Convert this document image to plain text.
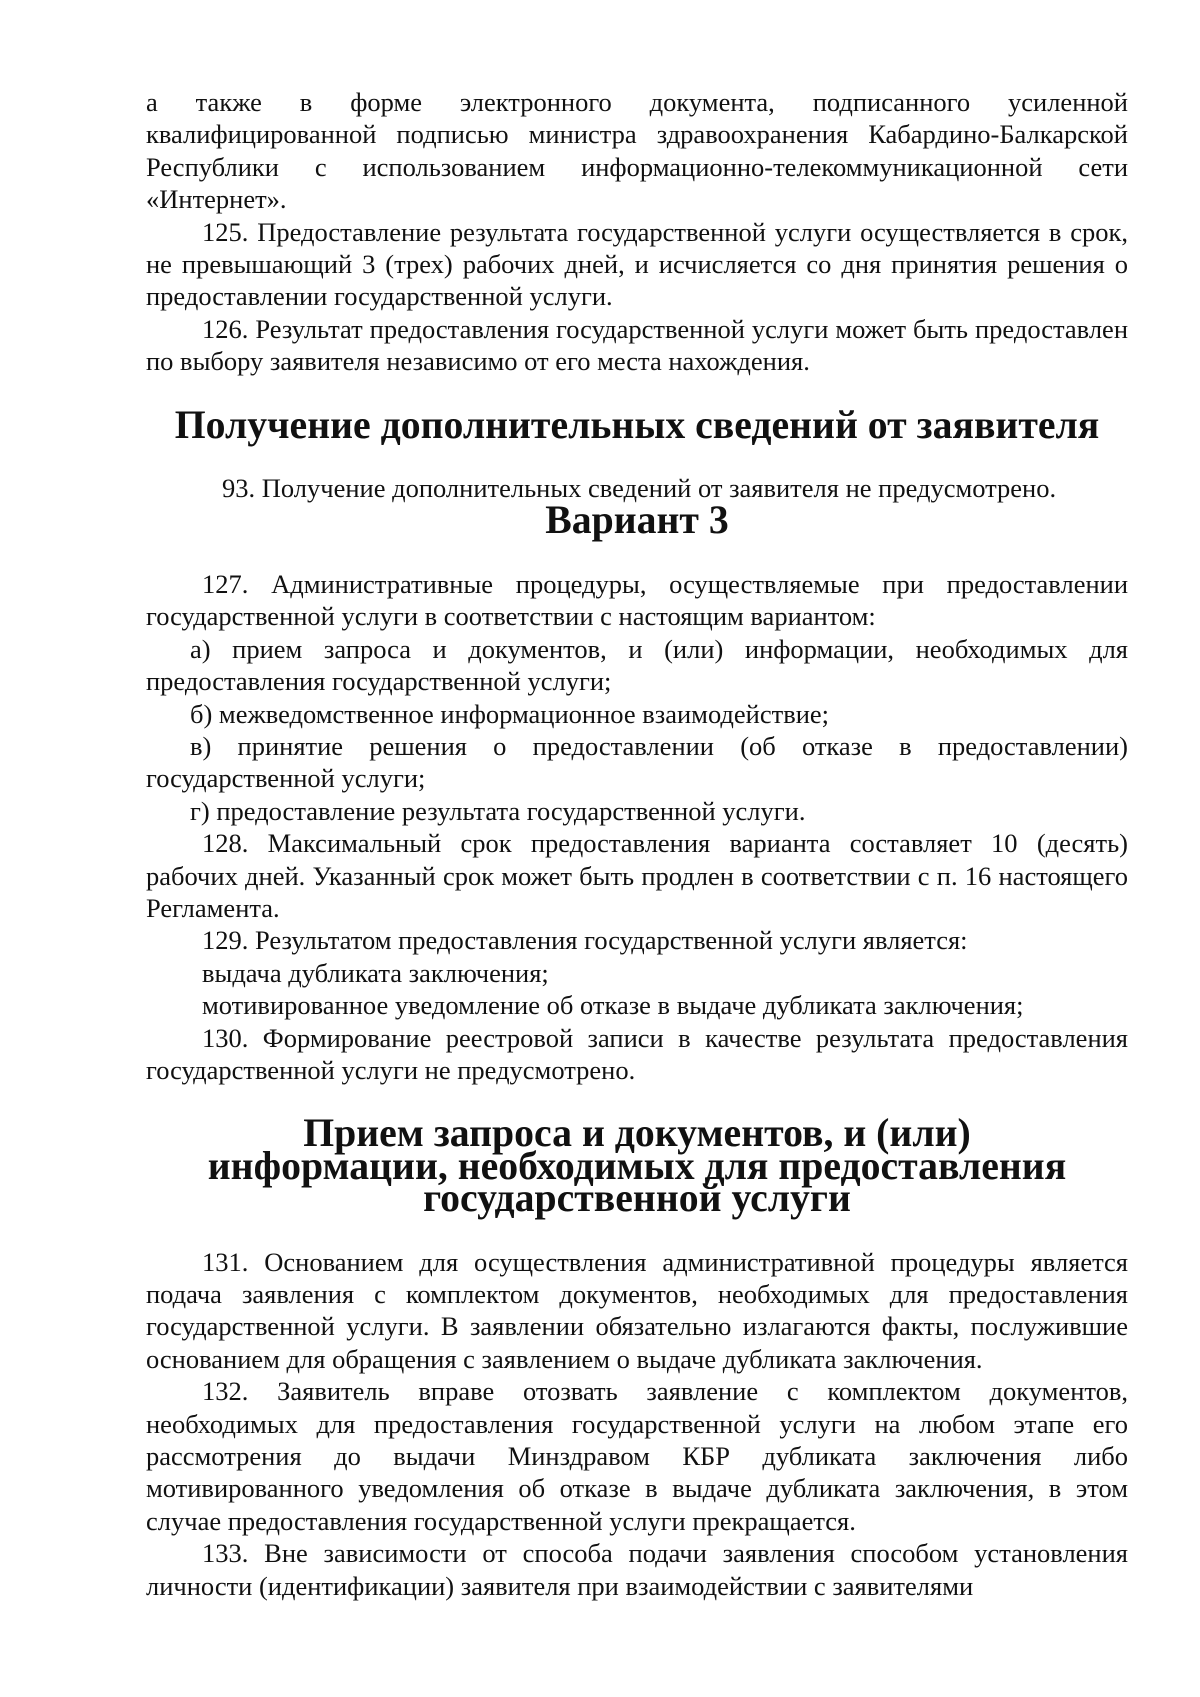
а также в форме электронного документа, подписанного усиленной квалифицированной подписью министра здравоохранения Кабардино-Балкарской Республики с использованием информационно-телекоммуникационной сети «Интернет».

125. Предоставление результата государственной услуги осуществляется в срок, не превышающий 3 (трех) рабочих дней, и исчисляется со дня принятия решения о предоставлении государственной услуги.

126. Результат предоставления государственной услуги может быть предоставлен по выбору заявителя независимо от его места нахождения.

Получение дополнительных сведений от заявителя

93. Получение дополнительных сведений от заявителя не предусмотрено.

Вариант 3

127. Административные процедуры, осуществляемые при предоставлении государственной услуги в соответствии с настоящим вариантом:

а) прием запроса и документов, и (или) информации, необходимых для предоставления государственной услуги;

б) межведомственное информационное взаимодействие;

в) принятие решения о предоставлении (об отказе в предоставлении) государственной услуги;

г) предоставление результата государственной услуги.

128. Максимальный срок предоставления варианта составляет 10 (десять) рабочих дней. Указанный срок может быть продлен в соответствии с п. 16 настоящего Регламента.

129. Результатом предоставления государственной услуги является:

выдача дубликата заключения;

мотивированное уведомление об отказе в выдаче дубликата заключения;

130. Формирование реестровой записи в качестве результата предоставления государственной услуги не предусмотрено.

Прием запроса и документов, и (или) информации, необходимых для предоставления государственной услуги

131. Основанием для осуществления административной процедуры является подача заявления с комплектом документов, необходимых для предоставления государственной услуги. В заявлении обязательно излагаются факты, послужившие основанием для обращения с заявлением о выдаче дубликата заключения.

132. Заявитель вправе отозвать заявление с комплектом документов, необходимых для предоставления государственной услуги на любом этапе его рассмотрения до выдачи Минздравом КБР дубликата заключения либо мотивированного уведомления об отказе в выдаче дубликата заключения, в этом случае предоставления государственной услуги прекращается.

133. Вне зависимости от способа подачи заявления способом установления личности (идентификации) заявителя при взаимодействии с заявителями
